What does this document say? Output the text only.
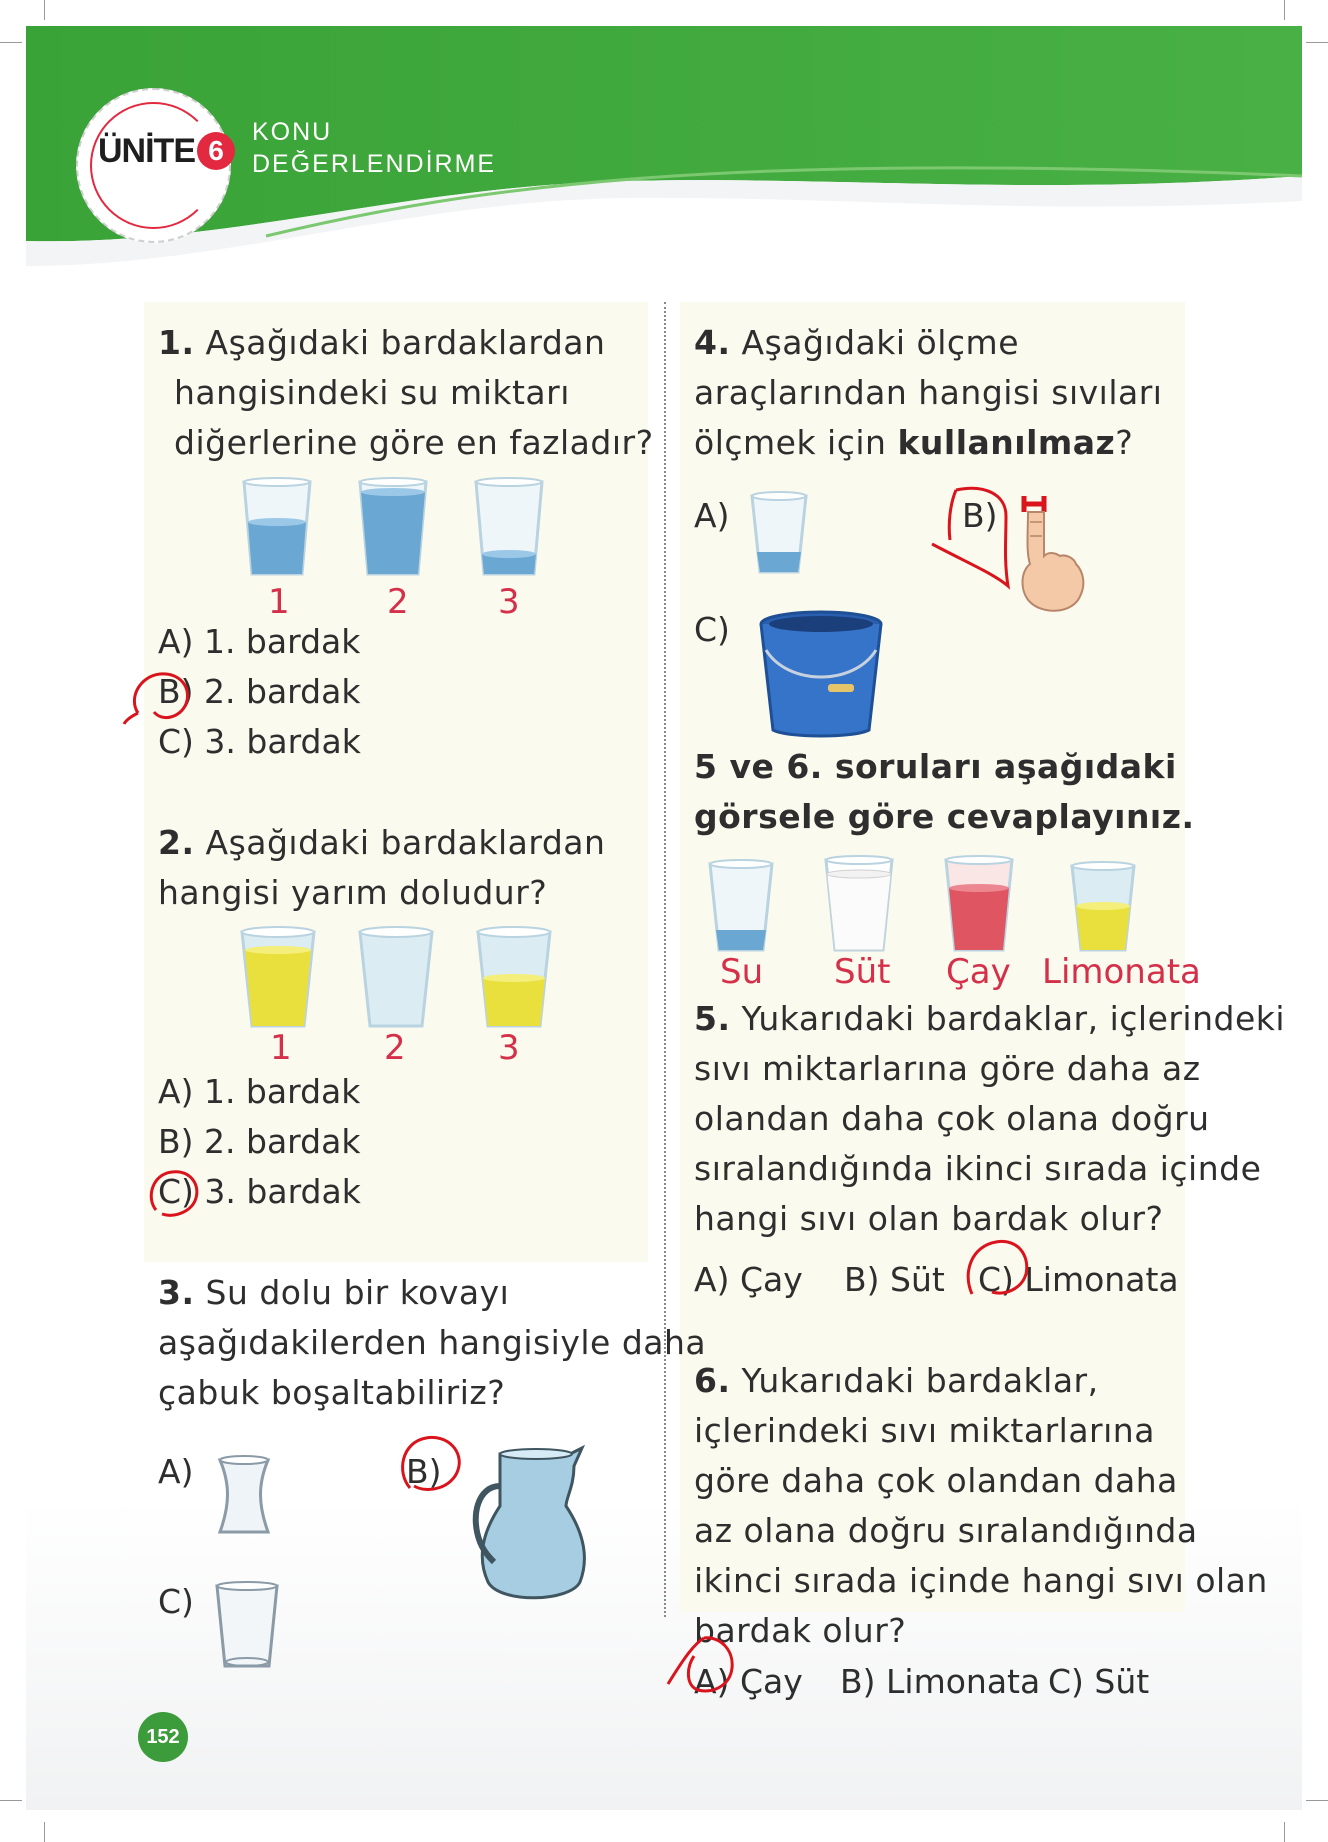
ÜNİTE 6
KONU
DEĞERLENDİRME
1. Aşağıdaki bardaklardan
hangisindeki su miktarı
diğerlerine göre en fazladır?
1	2	3
A) 1. bardak
B) 2. bardak
C) 3. bardak
2. Aşağıdaki bardaklardan
hangisi yarım doludur?
1	2	3
A) 1. bardak
B) 2. bardak
C) 3. bardak
3. Su dolu bir kovayı
aşağıdakilerden hangisiyle daha
çabuk boşaltabiliriz?
A)	B)
C)
4. Aşağıdaki ölçme
araçlarından hangisi sıvıları
ölçmek için kullanılmaz?
A)	B)
C)
5 ve 6. soruları aşağıdaki
görsele göre cevaplayınız.
Su Süt Çay Limonata
5. Yukarıdaki bardaklar, içlerindeki
sıvı miktarlarına göre daha az
olandan daha çok olana doğru
sıralandığında ikinci sırada içinde
hangi sıvı olan bardak olur?
A) Çay B) Süt C) Limonata
6. Yukarıdaki bardaklar,
içlerindeki sıvı miktarlarına
göre daha çok olandan daha
az olana doğru sıralandığında
ikinci sırada içinde hangi sıvı olan
bardak olur?
A) Çay B) Limonata C) Süt
152
